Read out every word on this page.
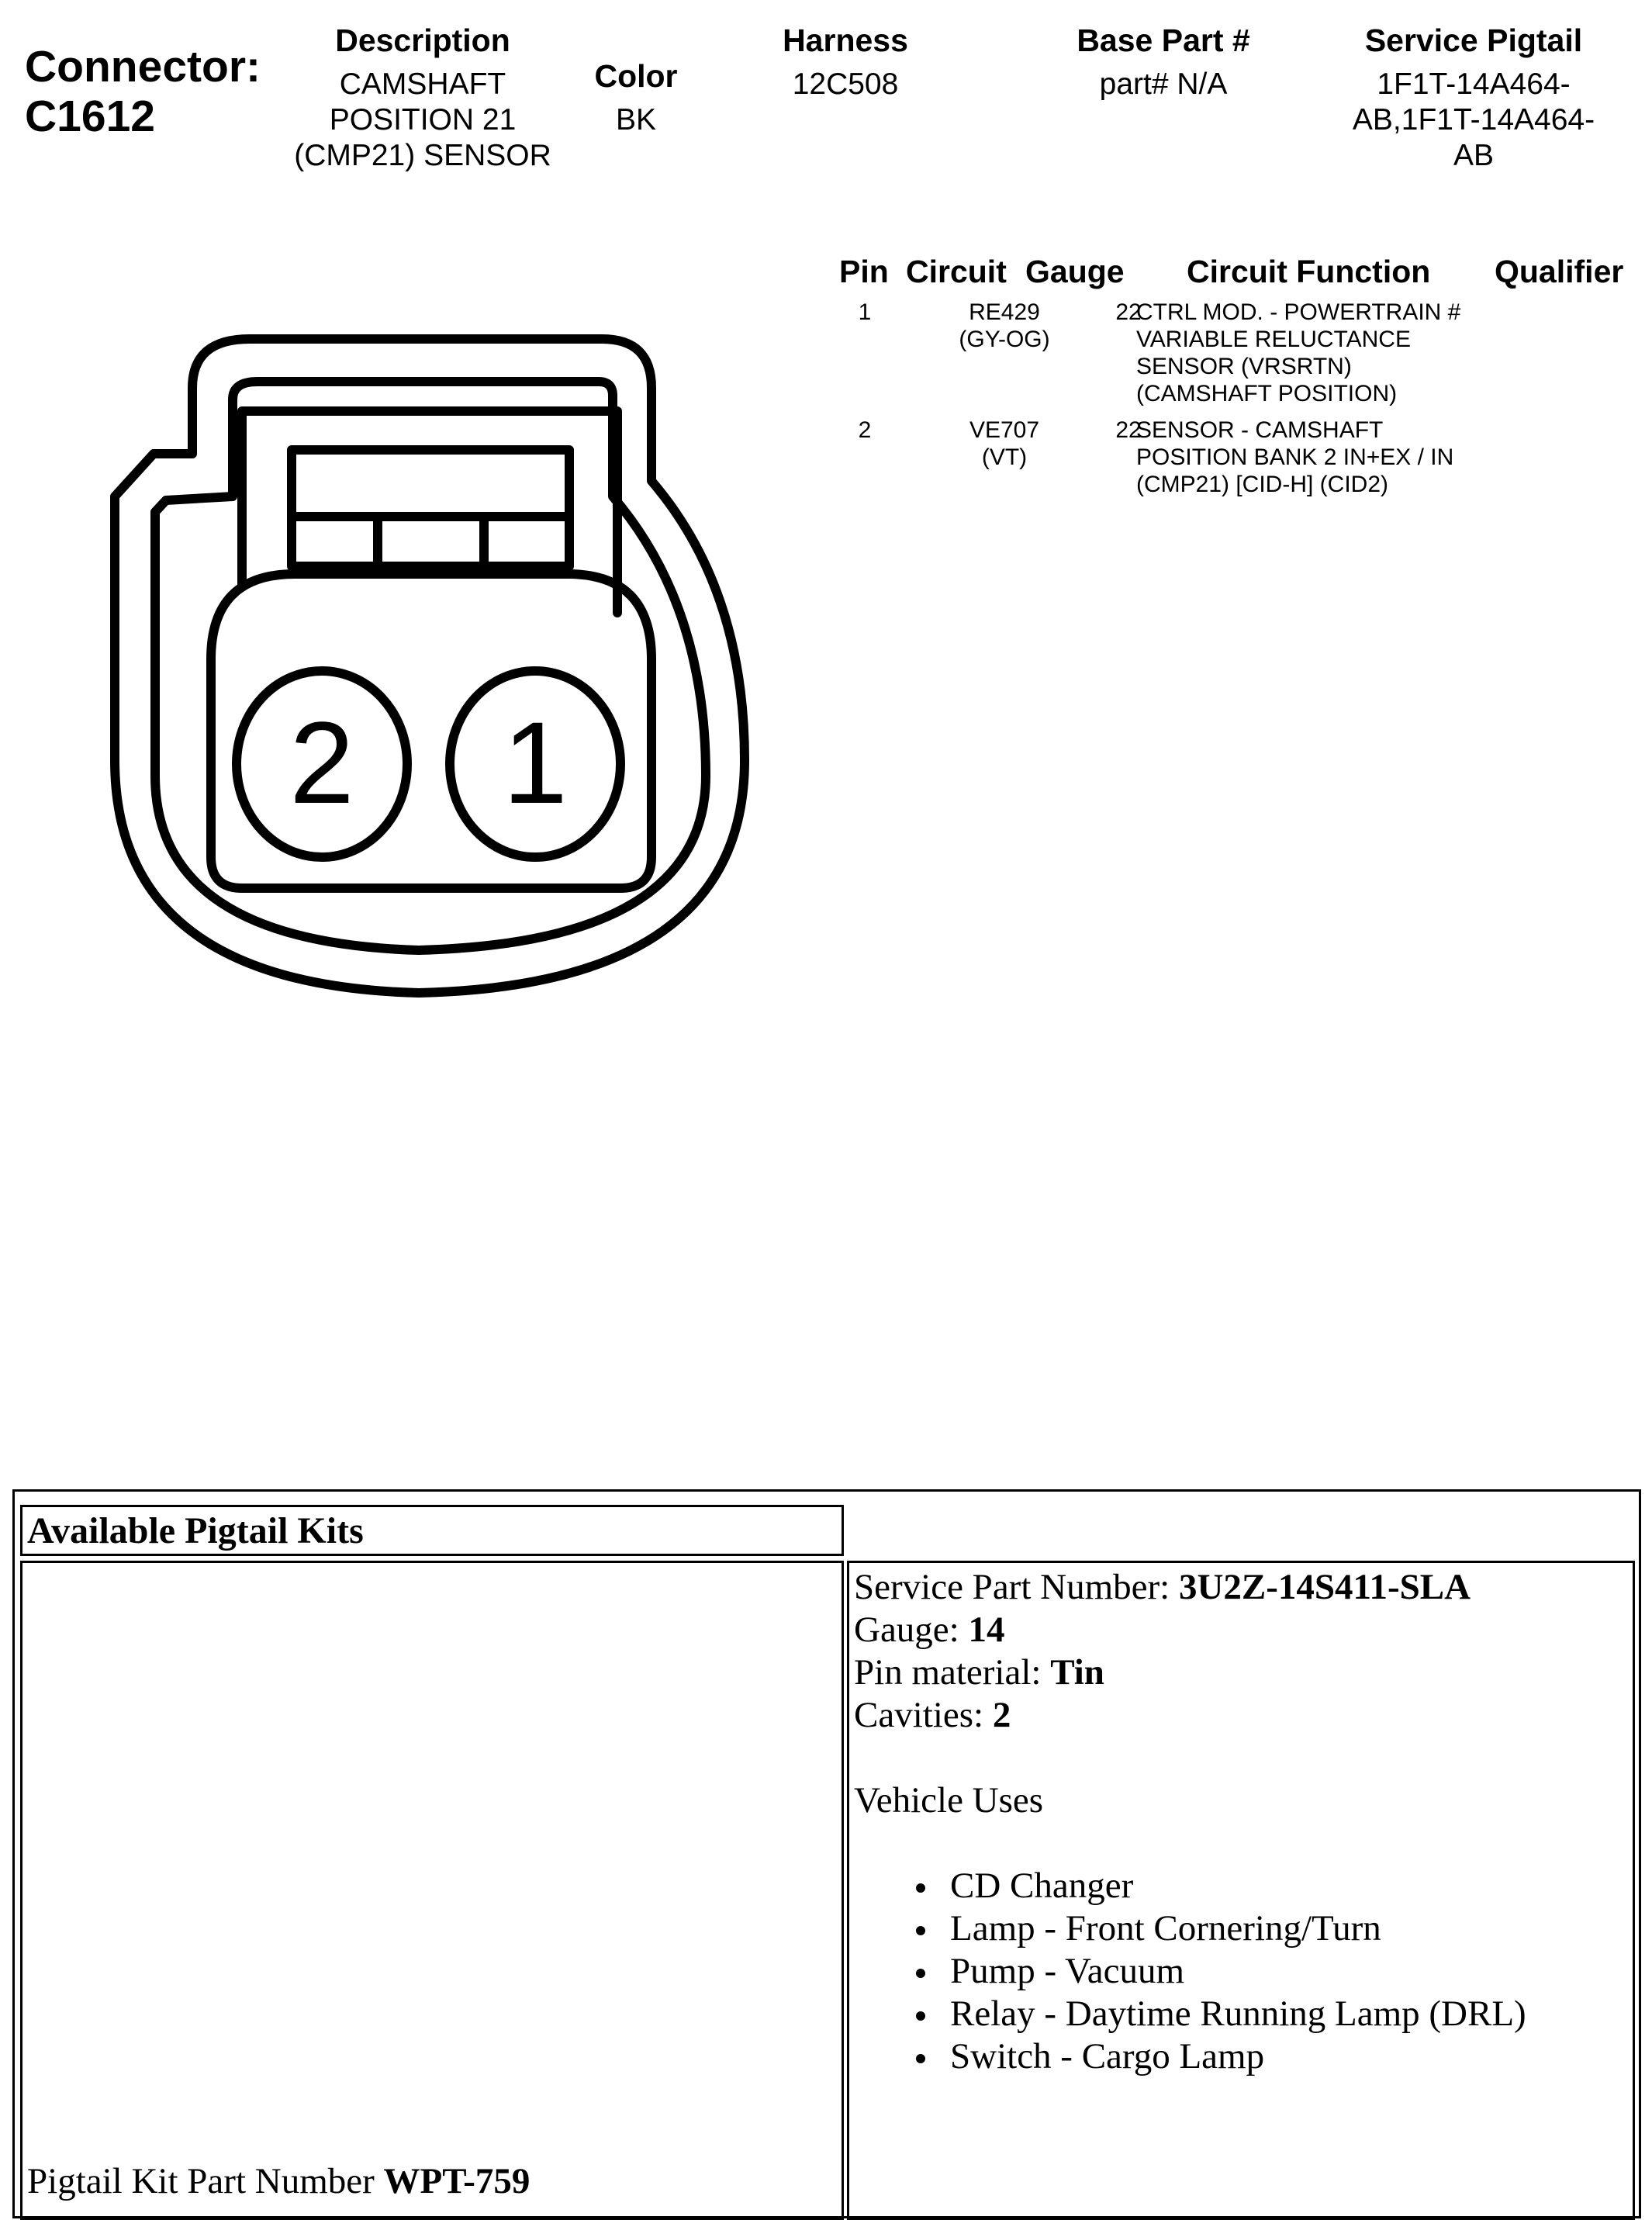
Connector:
C1612
Description
CAMSHAFT
POSITION 21
(CMP21) SENSOR
Color
BK
Harness
12C508
Base Part #
part# N/A
Service Pigtail
1F1T-14A464-
AB,1F1T-14A464-
AB
2 1
Pin Circuit Gauge Circuit Function Qualifier
1	RE429
(GY-OG)
22
CTRL MOD. - POWERTRAIN #
VARIABLE RELUCTANCE
SENSOR (VRSRTN)
(CAMSHAFT POSITION)
2	VE707
(VT)
22
SENSOR - CAMSHAFT
POSITION BANK 2 IN+EX / IN
(CMP21) [CID-H] (CID2)
Available Pigtail Kits
Pigtail Kit Part Number WPT-759
Service Part Number: 3U2Z-14S411-SLA
Gauge: 14
Pin material: Tin
Cavities: 2
Vehicle Uses
CD Changer
Lamp - Front Cornering/Turn
Pump - Vacuum
Relay - Daytime Running Lamp (DRL)
Switch - Cargo Lamp
